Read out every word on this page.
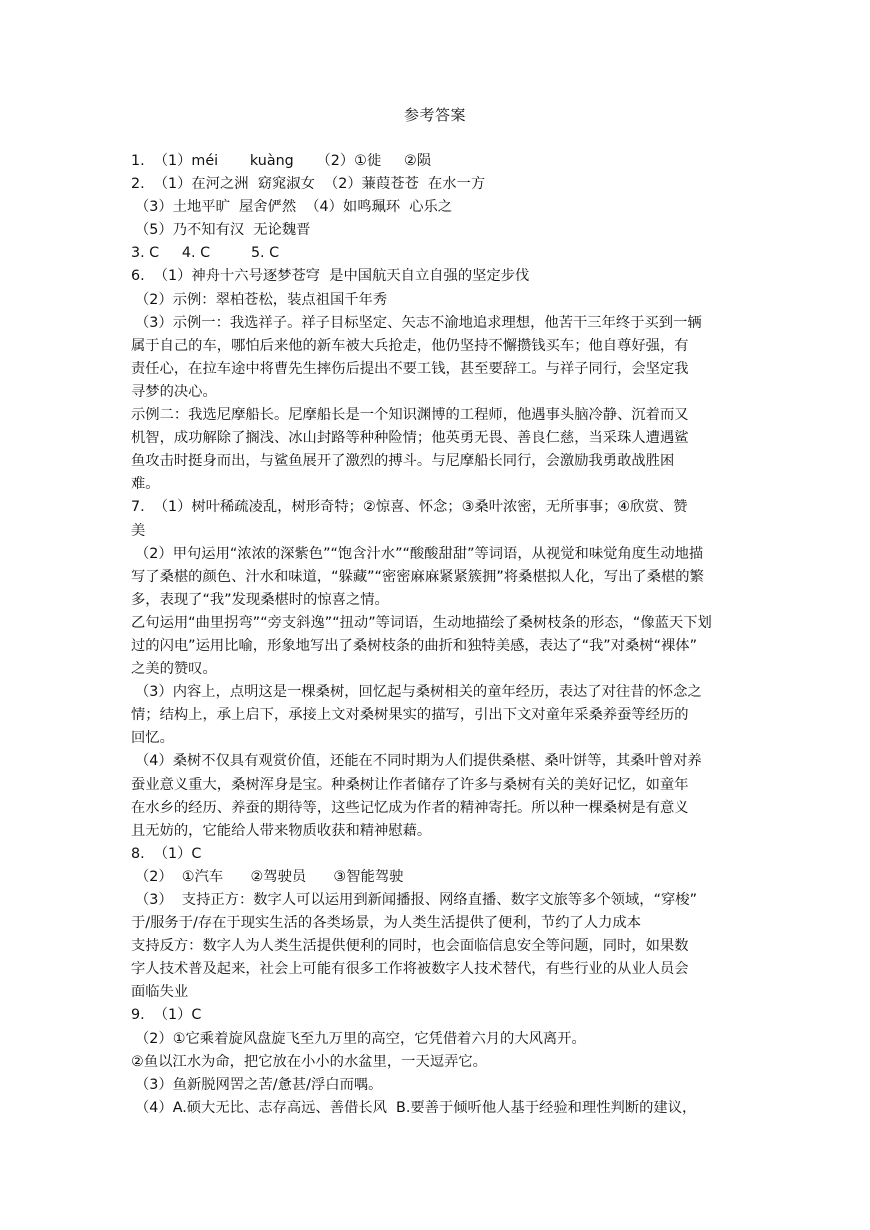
参考答案
1.  （1）méi       kuàng     （2）①徙     ②陨
2.  （1）在河之洲  窈窕淑女  （2）蒹葭苍苍  在水一方
（3）土地平旷  屋舍俨然  （4）如鸣珮环  心乐之
（5）乃不知有汉  无论魏晋
3. C     4. C         5. C
6.  （1）神舟十六号逐梦苍穹  是中国航天自立自强的坚定步伐
（2）示例：翠柏苍松，装点祖国千年秀
（3）示例一：我选祥子。祥子目标坚定、矢志不渝地追求理想，他苦干三年终于买到一辆
属于自己的车，哪怕后来他的新车被大兵抢走，他仍坚持不懈攒钱买车；他自尊好强，有
责任心，在拉车途中将曹先生摔伤后提出不要工钱，甚至要辞工。与祥子同行，会坚定我
寻梦的决心。
示例二：我选尼摩船长。尼摩船长是一个知识渊博的工程师，他遇事头脑冷静、沉着而又
机智，成功解除了搁浅、冰山封路等种种险情；他英勇无畏、善良仁慈，当采珠人遭遇鲨
鱼攻击时挺身而出，与鲨鱼展开了激烈的搏斗。与尼摩船长同行，会激励我勇敢战胜困
难。
7.  （1）树叶稀疏凌乱，树形奇特；②惊喜、怀念；③桑叶浓密，无所事事；④欣赏、赞
美
（2）甲句运用“浓浓的深紫色”“饱含汁水”“酸酸甜甜”等词语，从视觉和味觉角度生动地描
写了桑椹的颜色、汁水和味道，“躲藏”“密密麻麻紧紧簇拥”将桑椹拟人化，写出了桑椹的繁
多，表现了“我”发现桑椹时的惊喜之情。
乙句运用“曲里拐弯”“旁支斜逸”“扭动”等词语，生动地描绘了桑树枝条的形态，“像蓝天下划
过的闪电”运用比喻，形象地写出了桑树枝条的曲折和独特美感，表达了“我”对桑树“裸体”
之美的赞叹。
（3）内容上，点明这是一棵桑树，回忆起与桑树相关的童年经历，表达了对往昔的怀念之
情；结构上，承上启下，承接上文对桑树果实的描写，引出下文对童年采桑养蚕等经历的
回忆。
（4）桑树不仅具有观赏价值，还能在不同时期为人们提供桑椹、桑叶饼等，其桑叶曾对养
蚕业意义重大，桑树浑身是宝。种桑树让作者储存了许多与桑树有关的美好记忆，如童年
在水乡的经历、养蚕的期待等，这些记忆成为作者的精神寄托。所以种一棵桑树是有意义
且无妨的，它能给人带来物质收获和精神慰藉。
8.  （1）C
（2）  ①汽车      ②驾驶员      ③智能驾驶
（3）  支持正方：数字人可以运用到新闻播报、网络直播、数字文旅等多个领域，“穿梭”
于/服务于/存在于现实生活的各类场景，为人类生活提供了便利，节约了人力成本
支持反方：数字人为人类生活提供便利的同时，也会面临信息安全等问题，同时，如果数
字人技术普及起来，社会上可能有很多工作将被数字人技术替代，有些行业的从业人员会
面临失业
9.  （1）C
（2）①它乘着旋风盘旋飞至九万里的高空，它凭借着六月的大风离开。
②鱼以江水为命，把它放在小小的水盆里，一天逗弄它。
（3）鱼新脱网罟之苦/惫甚/浮白而喁。
（4）A.硕大无比、志存高远、善借长风  B.要善于倾听他人基于经验和理性判断的建议，
